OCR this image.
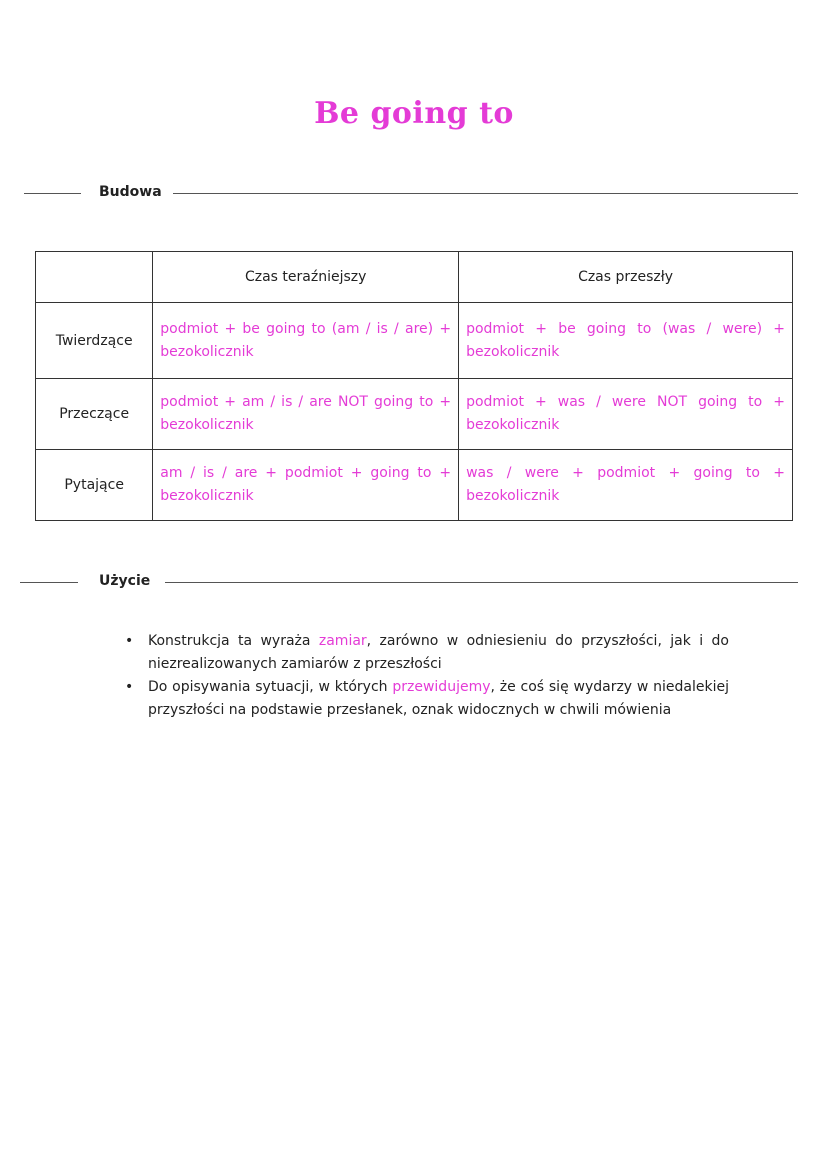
Be going to
Budowa
	Czas teraźniejszy	Czas przeszły
Twierdzące	podmiot + be going to (am / is / are) + bezokolicznik	podmiot + be going to (was / were) + bezokolicznik
Przeczące	podmiot + am / is / are NOT going to + bezokolicznik	podmiot + was / were NOT going to + bezokolicznik
Pytające	am / is / are + podmiot + going to + bezokolicznik	was / were + podmiot + going to + bezokolicznik
Użycie
• Konstrukcja ta wyraża zamiar, zarówno w odniesieniu do przyszłości, jak i do niezrealizowanych zamiarów z przeszłości
• Do opisywania sytuacji, w których przewidujemy, że coś się wydarzy w niedalekiej przyszłości na podstawie przesłanek, oznak widocznych w chwili mówienia
